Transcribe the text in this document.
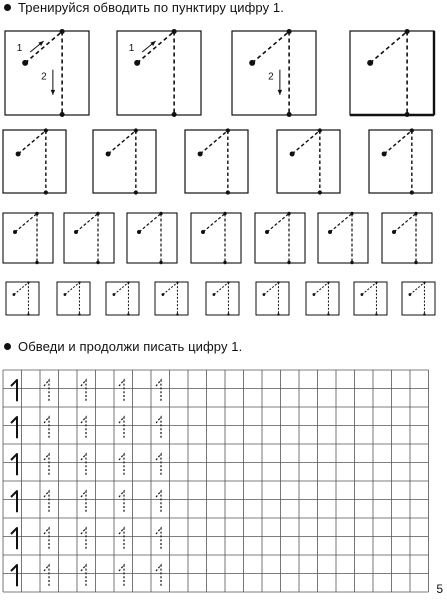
Тренируйся обводить по пунктиру цифру 1.
1
2
1
2
Обведи и продолжи писать цифру 1.
5
